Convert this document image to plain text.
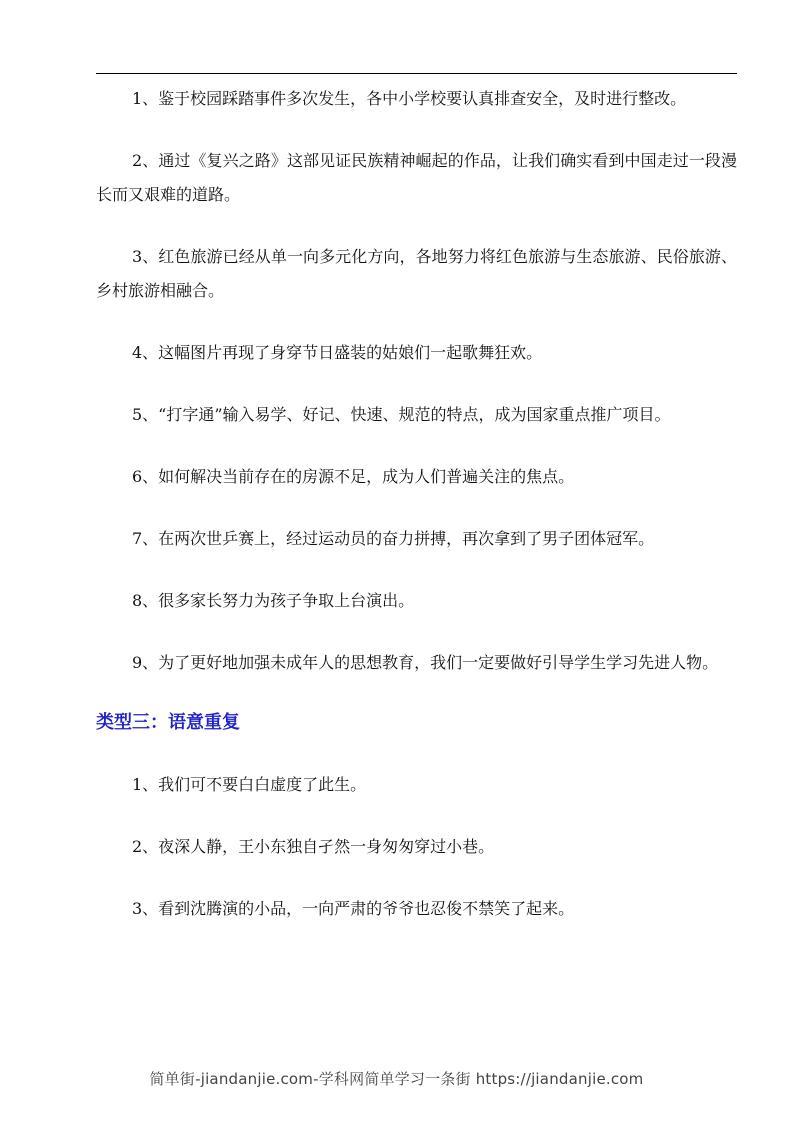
1、鉴于校园踩踏事件多次发生，各中小学校要认真排查安全，及时进行整改。

2、通过《复兴之路》这部见证民族精神崛起的作品，让我们确实看到中国走过一段漫长而又艰难的道路。

3、红色旅游已经从单一向多元化方向，各地努力将红色旅游与生态旅游、民俗旅游、乡村旅游相融合。

4、这幅图片再现了身穿节日盛装的姑娘们一起歌舞狂欢。

5、“打字通”输入易学、好记、快速、规范的特点，成为国家重点推广项目。

6、如何解决当前存在的房源不足，成为人们普遍关注的焦点。

7、在两次世乒赛上，经过运动员的奋力拼搏，再次拿到了男子团体冠军。

8、很多家长努力为孩子争取上台演出。

9、为了更好地加强未成年人的思想教育，我们一定要做好引导学生学习先进人物。

类型三：语意重复

1、我们可不要白白虚度了此生。

2、夜深人静，王小东独自孑然一身匆匆穿过小巷。

3、看到沈腾演的小品，一向严肃的爷爷也忍俊不禁笑了起来。

简单街-jiandanjie.com-学科网简单学习一条街 https://jiandanjie.com
